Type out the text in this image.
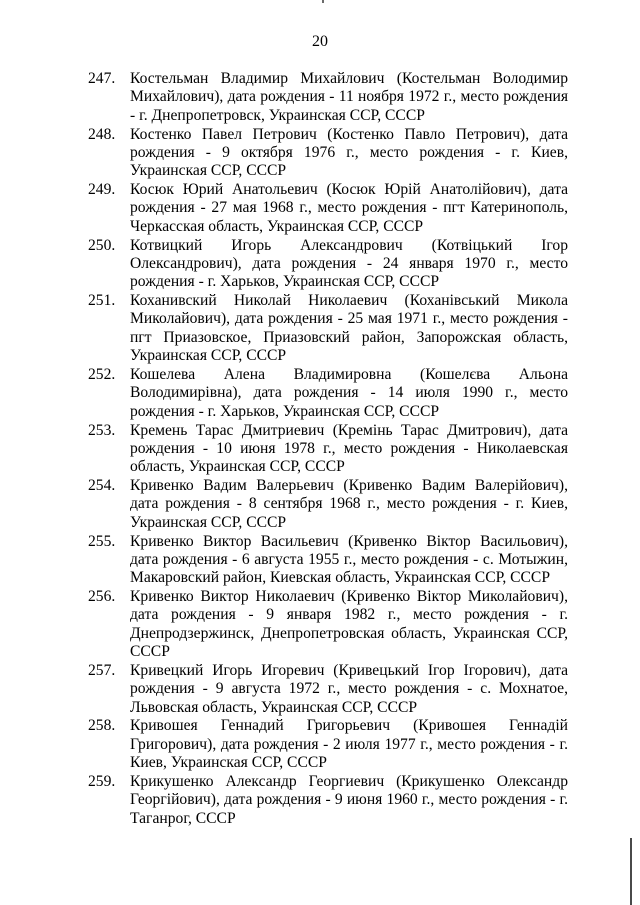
20
247. Костельман Владимир Михайлович (Костельман Володимир Михайлович), дата рождения - 11 ноября 1972 г., место рождения - г. Днепропетровск, Украинская ССР, СССР
248. Костенко Павел Петрович (Костенко Павло Петрович), дата рождения - 9 октября 1976 г., место рождения - г. Киев, Украинская ССР, СССР
249. Косюк Юрий Анатольевич (Косюк Юрій Анатолійович), дата рождения - 27 мая 1968 г., место рождения - пгт Катеринополь, Черкасская область, Украинская ССР, СССР
250. Котвицкий Игорь Александрович (Котвіцький Ігор Олександрович), дата рождения - 24 января 1970 г., место рождения - г. Харьков, Украинская ССР, СССР
251. Коханивский Николай Николаевич (Коханівський Микола Миколайович), дата рождения - 25 мая 1971 г., место рождения - пгт Приазовское, Приазовский район, Запорожская область, Украинская ССР, СССР
252. Кошелева Алена Владимировна (Кошелєва Альона Володимирівна), дата рождения - 14 июля 1990 г., место рождения - г. Харьков, Украинская ССР, СССР
253. Кремень Тарас Дмитриевич (Кремінь Тарас Дмитрович), дата рождения - 10 июня 1978 г., место рождения - Николаевская область, Украинская ССР, СССР
254. Кривенко Вадим Валерьевич (Кривенко Вадим Валерійович), дата рождения - 8 сентября 1968 г., место рождения - г. Киев, Украинская ССР, СССР
255. Кривенко Виктор Васильевич (Кривенко Віктор Васильович), дата рождения - 6 августа 1955 г., место рождения - с. Мотыжин, Макаровский район, Киевская область, Украинская ССР, СССР
256. Кривенко Виктор Николаевич (Кривенко Віктор Миколайович), дата рождения - 9 января 1982 г., место рождения - г. Днепродзержинск, Днепропетровская область, Украинская ССР, СССР
257. Кривецкий Игорь Игоревич (Кривецький Ігор Ігорович), дата рождения - 9 августа 1972 г., место рождения - с. Мохнатое, Львовская область, Украинская ССР, СССР
258. Кривошея Геннадий Григорьевич (Кривошея Геннадій Григорович), дата рождения - 2 июля 1977 г., место рождения - г. Киев, Украинская ССР, СССР
259. Крикушенко Александр Георгиевич (Крикушенко Олександр Георгійович), дата рождения - 9 июня 1960 г., место рождения - г. Таганрог, СССР
